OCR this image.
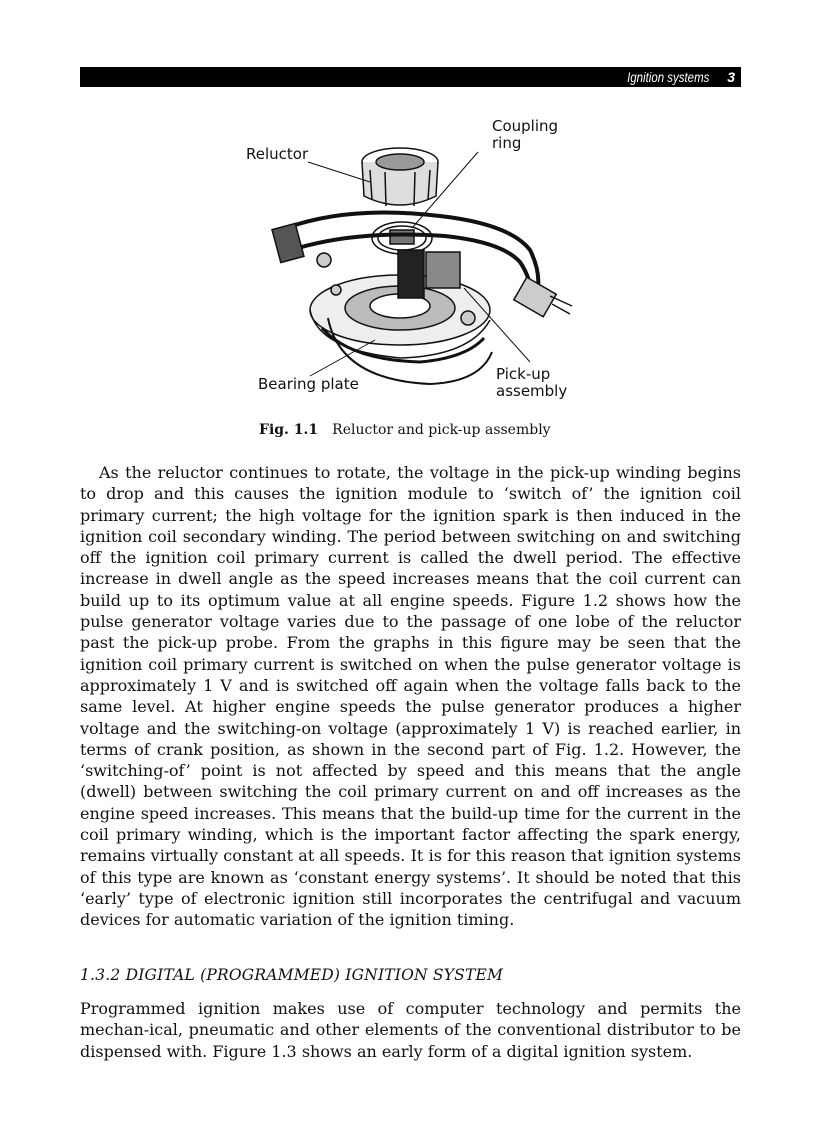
Ignition systems 3
Reluctor
Coupling
ring
Bearing plate
Pick-up
assembly
Fig. 1.1 Reluctor and pick-up assembly

As the reluctor continues to rotate, the voltage in the pick-up winding begins to drop and this causes the ignition module to ‘switch of’ the ignition coil primary current; the high voltage for the ignition spark is then induced in the ignition coil secondary winding. The period between switching on and switching off the ignition coil primary current is called the dwell period. The effective increase in dwell angle as the speed increases means that the coil current can build up to its optimum value at all engine speeds. Figure 1.2 shows how the pulse generator voltage varies due to the passage of one lobe of the reluctor past the pick-up probe. From the graphs in this figure may be seen that the ignition coil primary current is switched on when the pulse generator voltage is approximately 1 V and is switched off again when the voltage falls back to the same level. At higher engine speeds the pulse generator produces a higher voltage and the switching-on voltage (approximately 1 V) is reached earlier, in terms of crank position, as shown in the second part of Fig. 1.2. However, the ‘switching-of’ point is not affected by speed and this means that the angle (dwell) between switching the coil primary current on and off increases as the engine speed increases. This means that the build-up time for the current in the coil primary winding, which is the important factor affecting the spark energy, remains virtually constant at all speeds. It is for this reason that ignition systems of this type are known as ‘constant energy systems’. It should be noted that this ‘early’ type of electronic ignition still incorporates the centrifugal and vacuum devices for automatic variation of the ignition timing.

1.3.2 DIGITAL (PROGRAMMED) IGNITION SYSTEM

Programmed ignition makes use of computer technology and permits the mechan-ical, pneumatic and other elements of the conventional distributor to be dispensed with. Figure 1.3 shows an early form of a digital ignition system.
